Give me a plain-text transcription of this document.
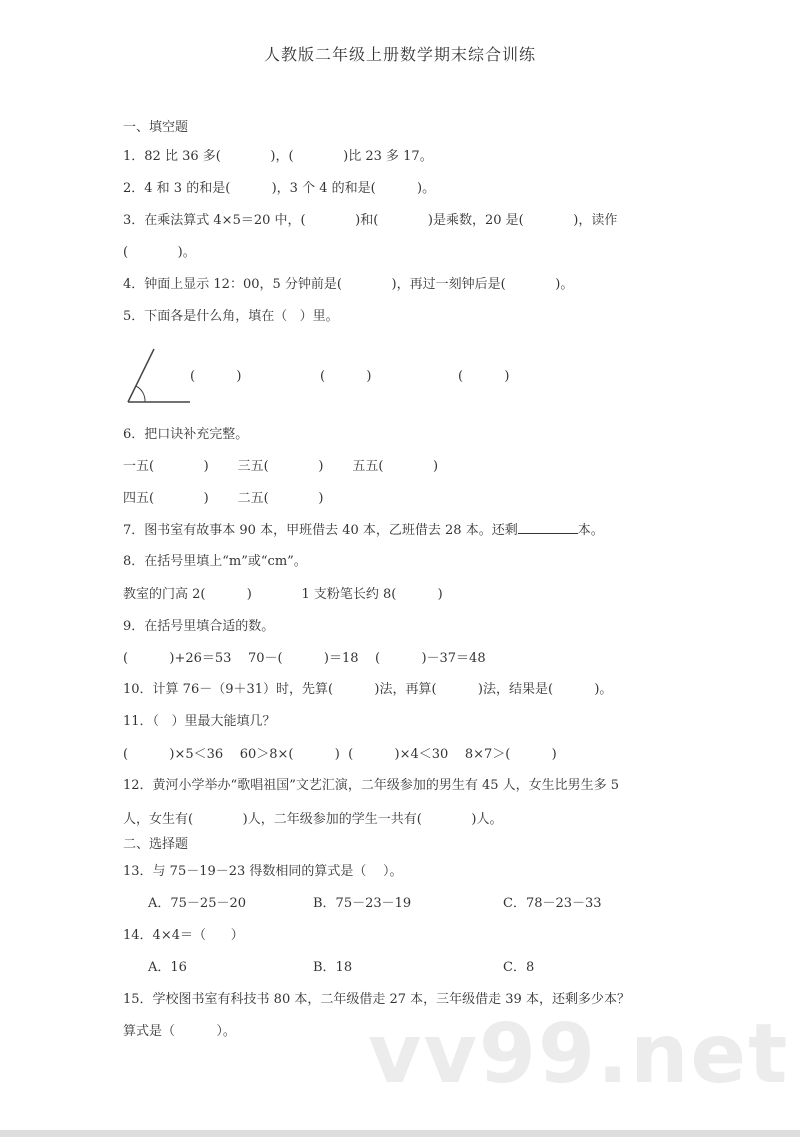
人教版二年级上册数学期末综合训练
一、填空题
1．82 比 36 多(            )，(            )比 23 多 17。
2．4 和 3 的和是(          )，3 个 4 的和是(          )。
3．在乘法算式 4×5＝20 中，(            )和(            )是乘数，20 是(            )，读作
(            )。
4．钟面上显示 12：00，5 分钟前是(            )，再过一刻钟后是(            )。
5．下面各是什么角，填在（   ）里。
(          )	(          )	(          )
6．把口诀补充完整。
一五(            )       三五(            )       五五(            )
四五(            )       二五(            )
7．图书室有故事本 90 本，甲班借去 40 本，乙班借去 28 本。还剩	本。
8．在括号里填上“m”或“cm”。
教室的门高 2(          )            1 支粉笔长约 8(          )
9．在括号里填合适的数。
(          )+26＝53    70－(          )＝18    (          )－37＝48
10．计算 76－（9＋31）时，先算(          )法，再算(          )法，结果是(          )。
11．（   ）里最大能填几？
(          )×5＜36    60＞8×(          )  (          )×4＜30    8×7＞(          )
12．黄河小学举办“歌唱祖国”文艺汇演，二年级参加的男生有 45 人，女生比男生多 5
人，女生有(            )人，二年级参加的学生一共有(            )人。
二、选择题
13．与 75－19－23 得数相同的算式是（    ）。
A．75－25－20	B．75－23－19	C．78－23－33
14．4×4＝（      ）
A．16	B．18	C．8
15．学校图书室有科技书 80 本，二年级借走 27 本，三年级借走 39 本，还剩多少本？
算式是（          ）。 vv99.net
